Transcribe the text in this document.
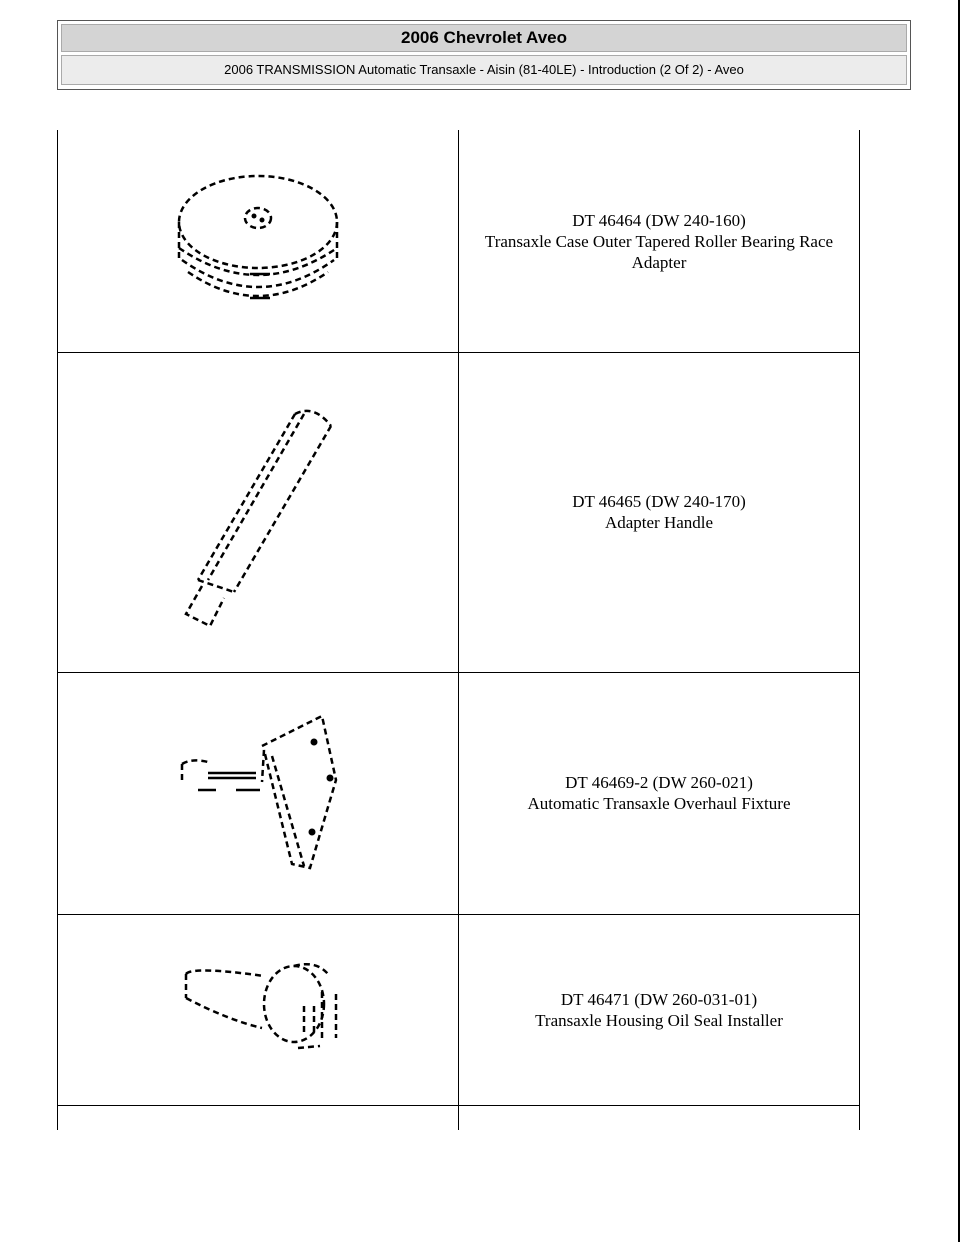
2006 Chevrolet Aveo
2006 TRANSMISSION Automatic Transaxle - Aisin (81-40LE) - Introduction (2 Of 2) - Aveo
DT 46464 (DW 240-160)
Transaxle Case Outer Tapered Roller Bearing Race Adapter
DT 46465 (DW 240-170)
Adapter Handle
DT 46469-2 (DW 260-021)
Automatic Transaxle Overhaul Fixture
DT 46471 (DW 260-031-01)
Transaxle Housing Oil Seal Installer
